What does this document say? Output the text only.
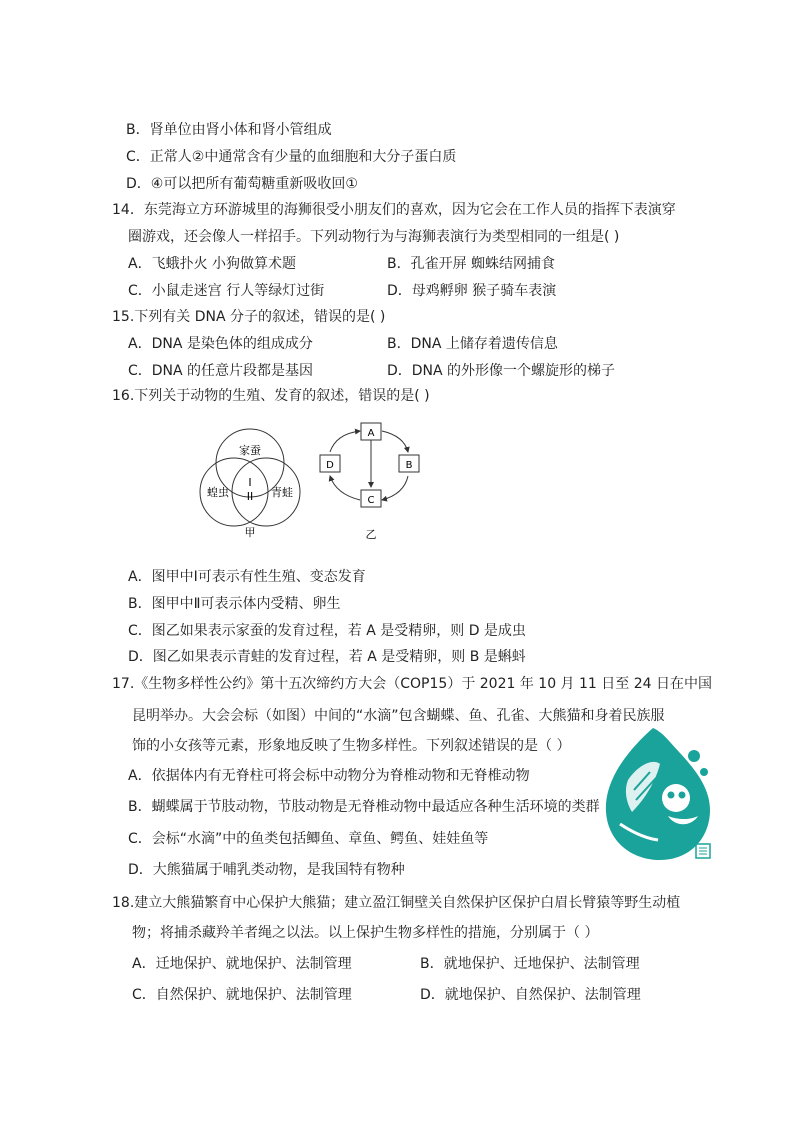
B．肾单位由肾小体和肾小管组成
C．正常人②中通常含有少量的血细胞和大分子蛋白质
D．④可以把所有葡萄糖重新吸收回①
14．东莞海立方环游城里的海狮很受小朋友们的喜欢，因为它会在工作人员的指挥下表演穿
圈游戏，还会像人一样招手。下列动物行为与海狮表演行为类型相同的一组是( )
A．飞蛾扑火 小狗做算术题	B．孔雀开屏 蜘蛛结网捕食
C．小鼠走迷宫 行人等绿灯过街	D．母鸡孵卵 猴子骑车表演
15.下列有关 DNA 分子的叙述，错误的是( )
A．DNA 是染色体的组成成分	B．DNA 上储存着遗传信息
C．DNA 的任意片段都是基因	D．DNA 的外形像一个螺旋形的梯子
16.下列关于动物的生殖、发育的叙述，错误的是( )
家蚕
蝗虫	青蛙
I
II
甲
A
B
C
D
乙
A．图甲中Ⅰ可表示有性生殖、变态发育
B．图甲中Ⅱ可表示体内受精、卵生
C．图乙如果表示家蚕的发育过程，若 A 是受精卵，则 D 是成虫
D．图乙如果表示青蛙的发育过程，若 A 是受精卵，则 B 是蝌蚪
17.《生物多样性公约》第十五次缔约方大会（COP15）于 2021 年 10 月 11 日至 24 日在中国
昆明举办。大会会标（如图）中间的“水滴”包含蝴蝶、鱼、孔雀、大熊猫和身着民族服
饰的小女孩等元素，形象地反映了生物多样性。下列叙述错误的是（ ）
A．依据体内有无脊柱可将会标中动物分为脊椎动物和无脊椎动物
B．蝴蝶属于节肢动物，节肢动物是无脊椎动物中最适应各种生活环境的类群
C．会标“水滴”中的鱼类包括鲫鱼、章鱼、鳄鱼、娃娃鱼等
D．大熊猫属于哺乳类动物，是我国特有物种
18.建立大熊猫繁育中心保护大熊猫；建立盈江铜壁关自然保护区保护白眉长臂猿等野生动植
物；将捕杀藏羚羊者绳之以法。以上保护生物多样性的措施，分别属于（ ）
A．迁地保护、就地保护、法制管理	B．就地保护、迁地保护、法制管理
C．自然保护、就地保护、法制管理	D．就地保护、自然保护、法制管理
